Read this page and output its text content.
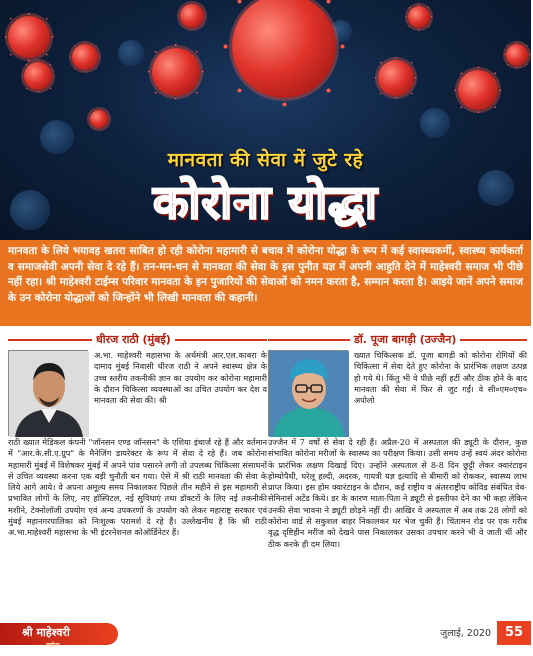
मानवता की सेवा में जुटे रहे
कोरोना योद्धा

मानवता के लिये भयावह खतरा साबित हो रही कोरोना महामारी से बचाव में कोरोना योद्धा के रूप में कई स्वास्थ्यकर्मी, स्वास्थ्य कार्यकर्ता व समाजसेवी अपनी सेवा दे रहे हैं। तन-मन-धन से मानवता की सेवा के इस पुनीत यज्ञ में अपनी आहुति देने में माहेश्वरी समाज भी पीछे नहीं रहा। श्री माहेश्वरी टाईम्स परिवार मानवता के इन पुजारियों की सेवाओं को नमन करता है, सम्मान करता है। आइये जानें अपने समाज के उन कोरोना योद्धाओं को जिन्होंने भी लिखी मानवता की कहानी।

धीरज राठी (मुंबई)
अ.भा. माहेश्वरी महासभा के अर्थमंत्री आर.एल.काबरा के दामाद मुंबई निवासी धीरज राठी ने अपने स्वास्थ्य क्षेत्र के उच्च स्तरीय तकनीकी ज्ञान का उपयोग कर कोरोना महामारी के दौरान चिकित्सा व्यवस्थाओं का उचित उपयोग कर देश व मानवता की सेवा की। श्री
राठी ख्यात मेडिकल कंपनी "जॉनसन एण्ड जॉनसन" के एशिया इंचार्ज रहे हैं और वर्तमान में "आर.के.सी.ए.ग्रुप" के मैनेजिंग डायरेक्टर के रूप में सेवा दे रहे हैं। जब कोरोना महामारी मुंबई में विशेषकर मुंबई में अपने पांव पसारने लगी तो उपलब्ध चिकित्सा संसाधनों से उचित व्यवस्था करना एक बड़ी चुनौती बन गया। ऐसे में श्री राठी मानवता की सेवा के लिये आगे आये। वे अपना अमूल्य समय निकालकर पिछले तीन महीने से इस महामारी से प्रभावित लोगों के लिए, नए हॉस्पिटल, नई सुविधाएं तथा डॉक्टरों के लिए नई तकनीकी मशीने, टेक्नोलॉजी उपयोग एवं अन्य उपकरणों के उपयोग को लेकर महाराष्ट्र सरकार एवं मुंबई महानगरपालिका को निःशुल्क परामर्श दे रहे हैं। उल्लेखनीय है कि श्री राठी अ.भा.माहेश्वरी महासभा के भी इंटरनेशनल कोऑर्डिनेटर हैं।
डॉ. पूजा बागड़ी (उज्जैन)
ख्यात चिकित्सक डॉ. पूजा बागड़ी को कोरोना रोगियों की चिकित्सा में सेवा देते हुए कोरोना के प्रारंभिक लक्षण उत्पन्न हो गये थे। किंतु भी वे पीछे नहीं हटीं और ठीक होने के बाद मानवता की सेवा में फिर से जुट गईं। वे सी०एम०एच० अपोलो
उज्जैन में 7 वर्षों से सेवा दे रही हैं। अप्रैल-20 में अस्पताल की ड्यूटी के दौरान, कुछ संभावित कोरोना मरीजों के स्वास्थ्य का परीक्षण किया। उसी समय उन्हें स्वयं अंदर कोरोना के प्रारंभिक लक्षण दिखाई दिए। उन्होंने अस्पताल से 8-8 दिन छुट्टी लेकर क्वारंटाइन होम्योपैथी, घरेलू हल्दी, अदरक, गायत्री यज्ञ इत्यादि से बीमारी को रोककर, स्वास्थ्य लाभ प्राप्त किया। इस होम क्वारंटाइन के दौरान, कई राष्ट्रीय व अंतरराष्ट्रीय कोविड संबंधित वेब-सेमिनार्स अटेंड किये। डर के कारण माता-पिता ने ड्यूटी से इस्तीफा देने का भी कहा लेकिन उनकी सेवा भावना ने ड्यूटी छोड़ने नहीं दी। आखिर वे अस्पताल में अब तक 28 लोगों को कोरोना वार्ड से सकुशल बाहर निकालकर घर भेज चुकी हैं। चिंतामन रोड पर एक गरीब वृद्ध दृष्टिहीन मरीज को देखने पास निकालकर उसका उपचार करने भी वे जाती थीं और ठीक करके ही दम लिया।
श्री माहेश्वरी
टाईम्स
जुलाई, 2020	55
